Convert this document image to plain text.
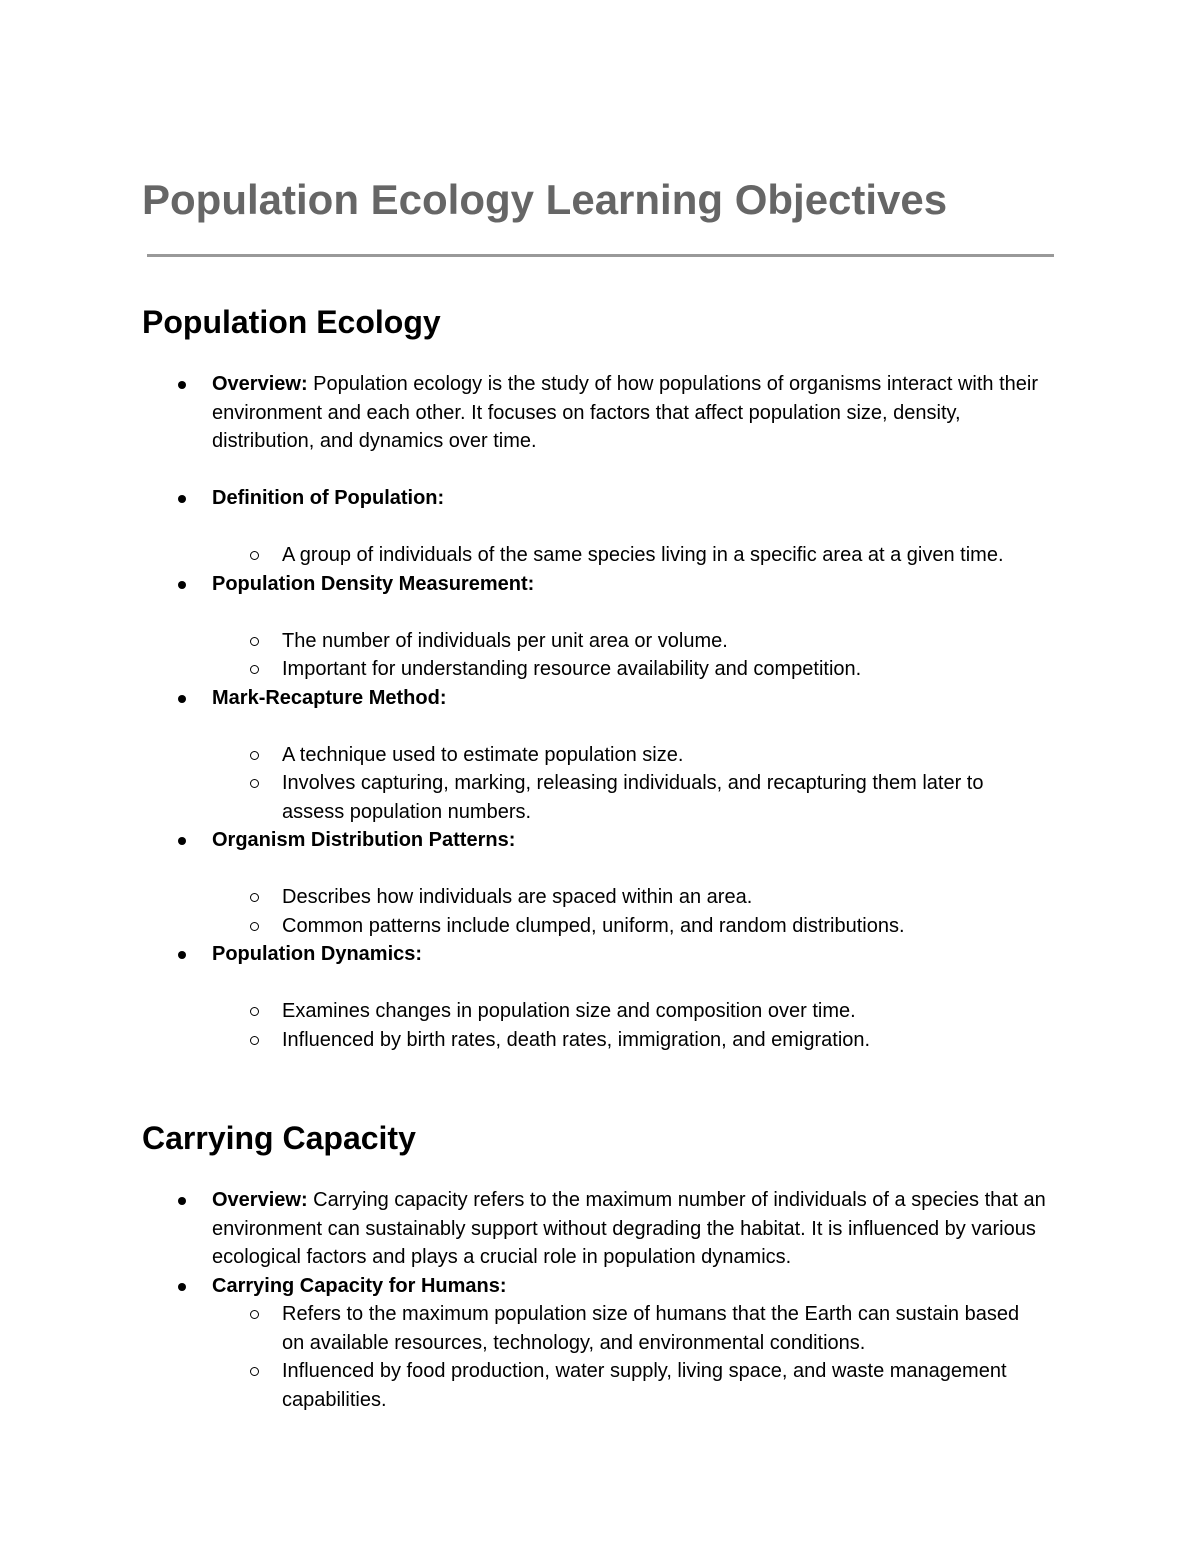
Population Ecology Learning Objectives
Population Ecology
Overview: Population ecology is the study of how populations of organisms interact with their environment and each other. It focuses on factors that affect population size, density, distribution, and dynamics over time.
Definition of Population:
A group of individuals of the same species living in a specific area at a given time.
Population Density Measurement:
The number of individuals per unit area or volume.
Important for understanding resource availability and competition.
Mark-Recapture Method:
A technique used to estimate population size.
Involves capturing, marking, releasing individuals, and recapturing them later to assess population numbers.
Organism Distribution Patterns:
Describes how individuals are spaced within an area.
Common patterns include clumped, uniform, and random distributions.
Population Dynamics:
Examines changes in population size and composition over time.
Influenced by birth rates, death rates, immigration, and emigration.
Carrying Capacity
Overview: Carrying capacity refers to the maximum number of individuals of a species that an environment can sustainably support without degrading the habitat. It is influenced by various ecological factors and plays a crucial role in population dynamics.
Carrying Capacity for Humans:
Refers to the maximum population size of humans that the Earth can sustain based on available resources, technology, and environmental conditions.
Influenced by food production, water supply, living space, and waste management capabilities.
